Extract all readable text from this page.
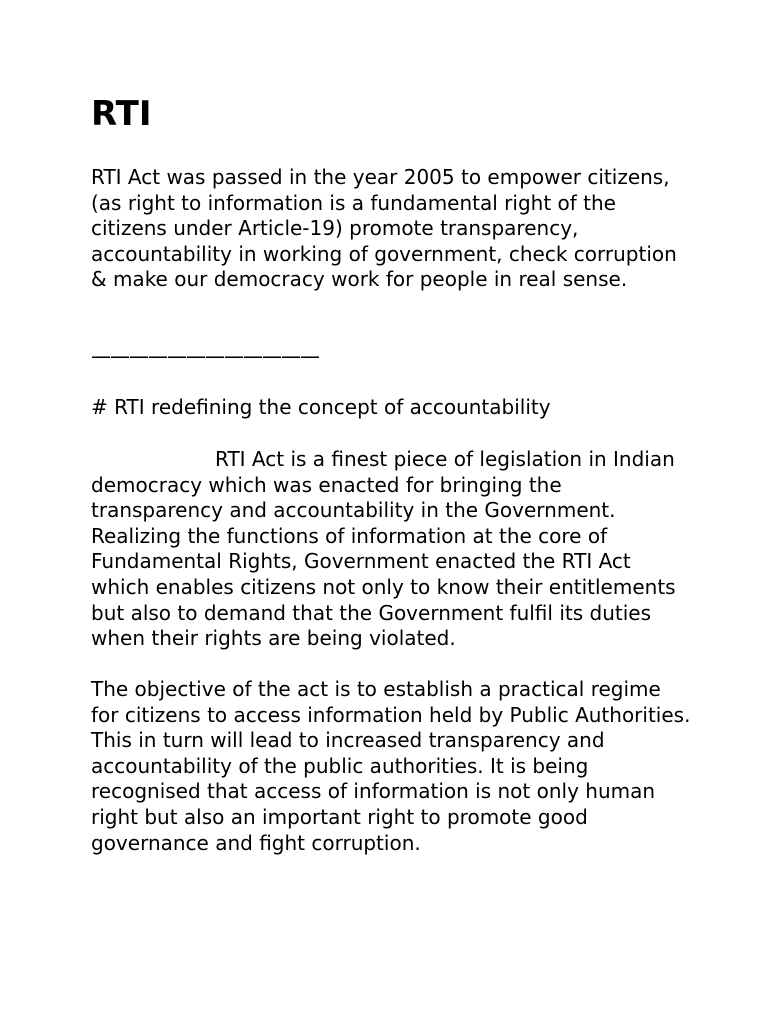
RTI

RTI Act was passed in the year 2005 to empower citizens, (as right to information is a fundamental right of the citizens under Article-19) promote transparency, accountability in working of government, check corruption & make our democracy work for people in real sense.

————————————

# RTI redefining the concept of accountability

RTI Act is a finest piece of legislation in Indian democracy which was enacted for bringing the transparency and accountability in the Government. Realizing the functions of information at the core of Fundamental Rights, Government enacted the RTI Act which enables citizens not only to know their entitlements but also to demand that the Government fulfil its duties when their rights are being violated.

The objective of the act is to establish a practical regime for citizens to access information held by Public Authorities. This in turn will lead to increased transparency and accountability of the public authorities. It is being recognised that access of information is not only human right but also an important right to promote good governance and fight corruption.
